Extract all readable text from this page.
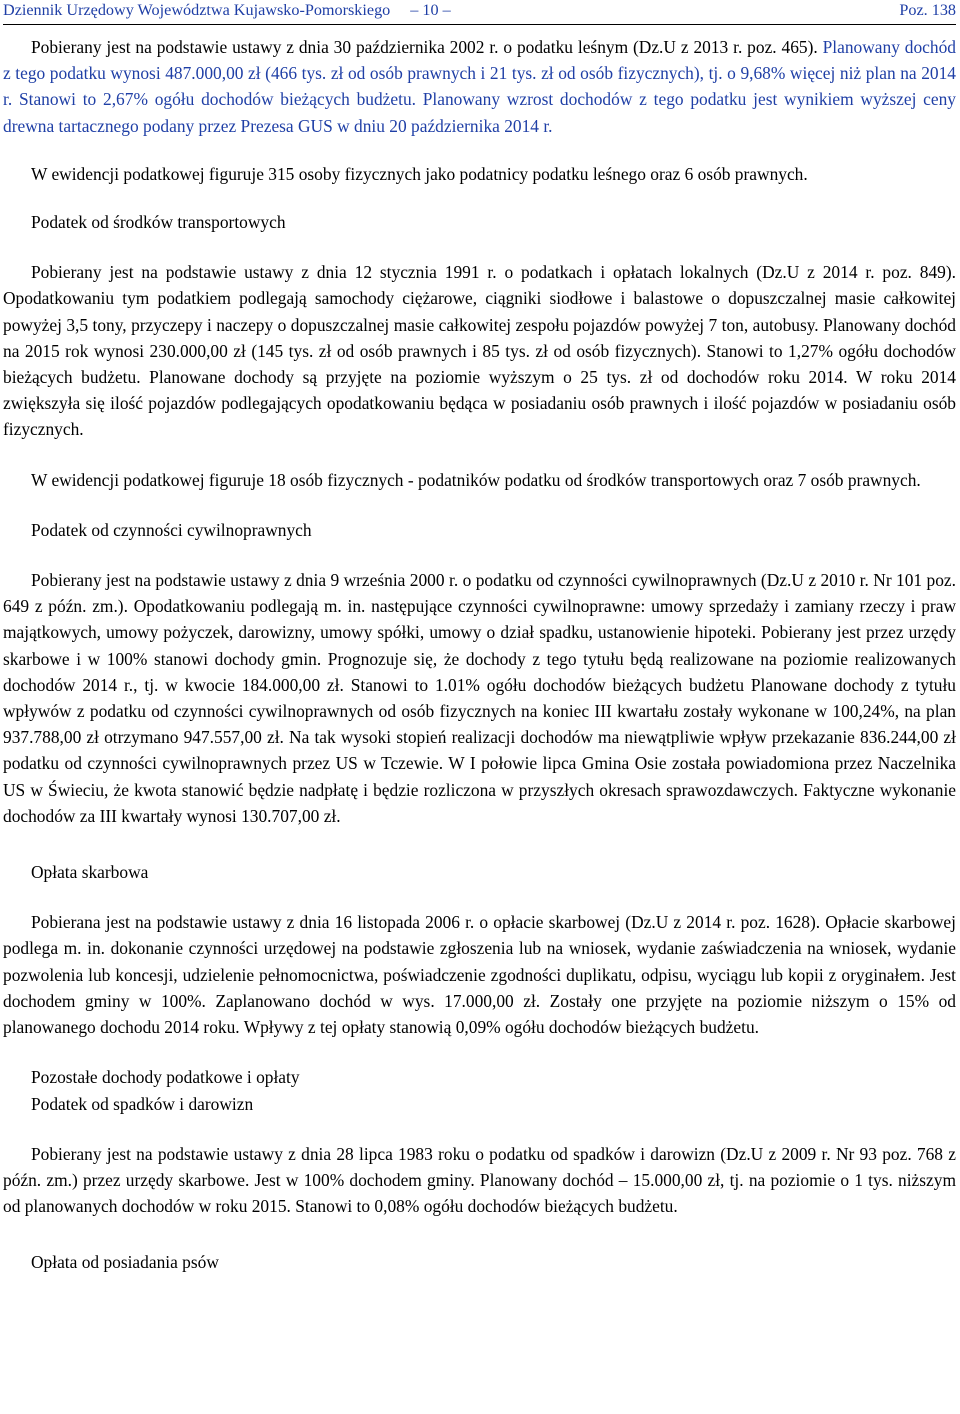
Dziennik Urzędowy Województwa Kujawsko-Pomorskiego – 10 –	Poz. 138

Pobierany jest na podstawie ustawy z dnia 30 października 2002 r. o podatku leśnym (Dz.U z 2013 r. poz. 465). Planowany dochód z tego podatku wynosi 487.000,00 zł (466 tys. zł od osób prawnych i 21 tys. zł od osób fizycznych), tj. o 9,68% więcej niż plan na 2014 r. Stanowi to 2,67% ogółu dochodów bieżących budżetu. Planowany wzrost dochodów z tego podatku jest wynikiem wyższej ceny drewna tartacznego podany przez Prezesa GUS w dniu 20 października 2014 r.

W ewidencji podatkowej figuruje 315 osoby fizycznych jako podatnicy podatku leśnego oraz 6 osób prawnych.

Podatek od środków transportowych

Pobierany jest na podstawie ustawy z dnia 12 stycznia 1991 r. o podatkach i opłatach lokalnych (Dz.U z 2014 r. poz. 849). Opodatkowaniu tym podatkiem podlegają samochody ciężarowe, ciągniki siodłowe i balastowe o dopuszczalnej masie całkowitej powyżej 3,5 tony, przyczepy i naczepy o dopuszczalnej masie całkowitej zespołu pojazdów powyżej 7 ton, autobusy. Planowany dochód na 2015 rok wynosi 230.000,00 zł (145 tys. zł od osób prawnych i 85 tys. zł od osób fizycznych). Stanowi to 1,27% ogółu dochodów bieżących budżetu. Planowane dochody są przyjęte na poziomie wyższym o 25 tys. zł od dochodów roku 2014. W roku 2014 zwiększyła się ilość pojazdów podlegających opodatkowaniu będąca w posiadaniu osób prawnych i ilość pojazdów w posiadaniu osób fizycznych.

W ewidencji podatkowej figuruje 18 osób fizycznych - podatników podatku od środków transportowych oraz 7 osób prawnych.

Podatek od czynności cywilnoprawnych

Pobierany jest na podstawie ustawy z dnia 9 września 2000 r. o podatku od czynności cywilnoprawnych (Dz.U z 2010 r. Nr 101 poz. 649 z późn. zm.). Opodatkowaniu podlegają m. in. następujące czynności cywilnoprawne: umowy sprzedaży i zamiany rzeczy i praw majątkowych, umowy pożyczek, darowizny, umowy spółki, umowy o dział spadku, ustanowienie hipoteki. Pobierany jest przez urzędy skarbowe i w 100% stanowi dochody gmin. Prognozuje się, że dochody z tego tytułu będą realizowane na poziomie realizowanych dochodów 2014 r., tj. w kwocie 184.000,00 zł. Stanowi to 1.01% ogółu dochodów bieżących budżetu Planowane dochody z tytułu wpływów z podatku od czynności cywilnoprawnych od osób fizycznych na koniec III kwartału zostały wykonane w 100,24%, na plan 937.788,00 zł otrzymano 947.557,00 zł. Na tak wysoki stopień realizacji dochodów ma niewątpliwie wpływ przekazanie 836.244,00 zł podatku od czynności cywilnoprawnych przez US w Tczewie. W I połowie lipca Gmina Osie została powiadomiona przez Naczelnika US w Świeciu, że kwota stanowić będzie nadpłatę i będzie rozliczona w przyszłych okresach sprawozdawczych. Faktyczne wykonanie dochodów za III kwartały wynosi 130.707,00 zł.

Opłata skarbowa

Pobierana jest na podstawie ustawy z dnia 16 listopada 2006 r. o opłacie skarbowej (Dz.U z 2014 r. poz. 1628). Opłacie skarbowej podlega m. in. dokonanie czynności urzędowej na podstawie zgłoszenia lub na wniosek, wydanie zaświadczenia na wniosek, wydanie pozwolenia lub koncesji, udzielenie pełnomocnictwa, poświadczenie zgodności duplikatu, odpisu, wyciągu lub kopii z oryginałem. Jest dochodem gminy w 100%. Zaplanowano dochód w wys. 17.000,00 zł. Zostały one przyjęte na poziomie niższym o 15% od planowanego dochodu 2014 roku. Wpływy z tej opłaty stanowią 0,09% ogółu dochodów bieżących budżetu.

Pozostałe dochody podatkowe i opłaty

Podatek od spadków i darowizn

Pobierany jest na podstawie ustawy z dnia 28 lipca 1983 roku o podatku od spadków i darowizn (Dz.U z 2009 r. Nr 93 poz. 768 z późn. zm.) przez urzędy skarbowe. Jest w 100% dochodem gminy. Planowany dochód – 15.000,00 zł, tj. na poziomie o 1 tys. niższym od planowanych dochodów w roku 2015. Stanowi to 0,08% ogółu dochodów bieżących budżetu.

Opłata od posiadania psów
